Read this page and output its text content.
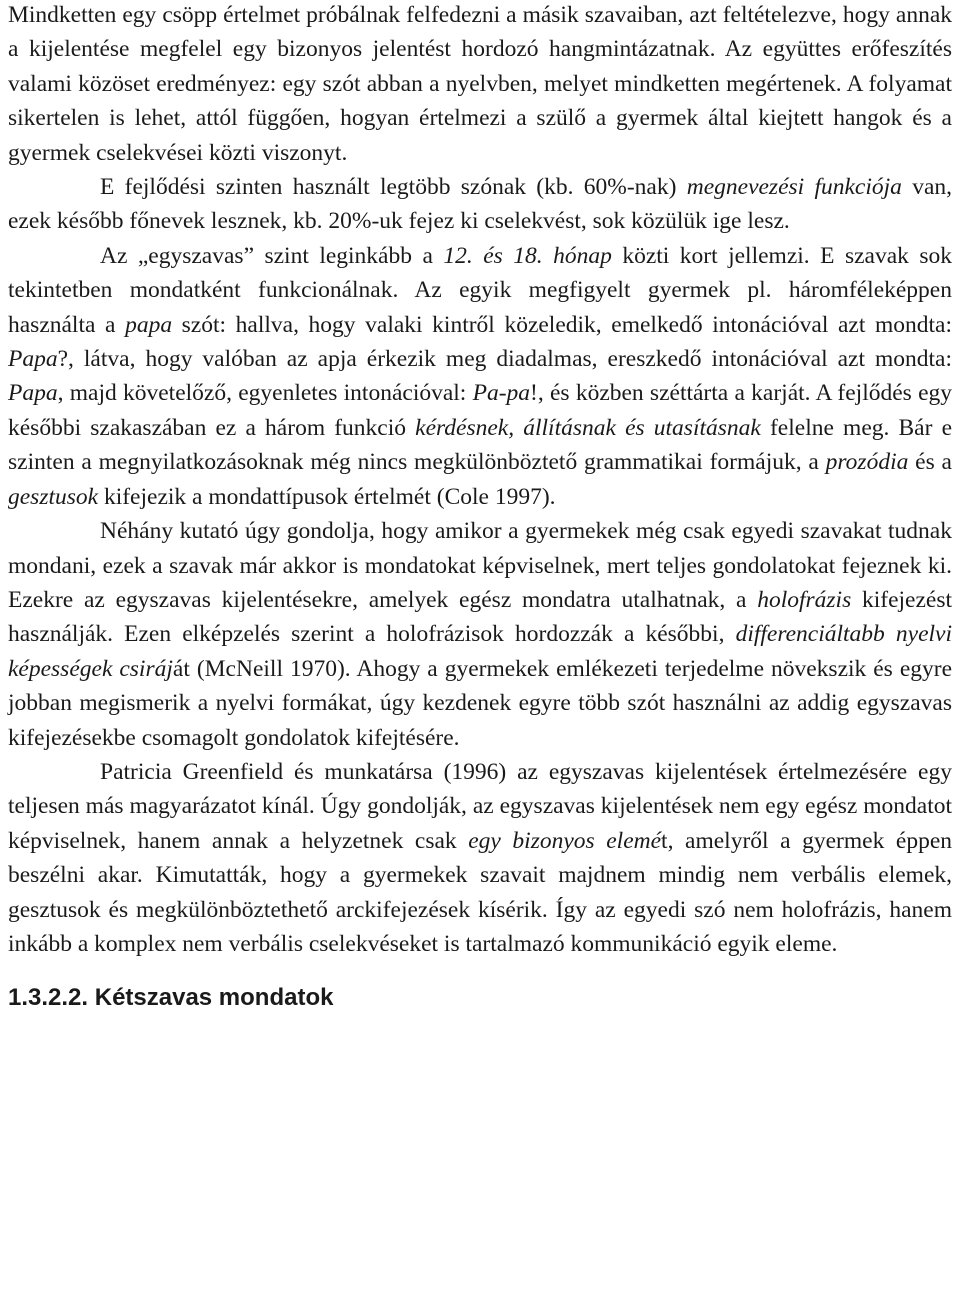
Mindketten egy csöpp értelmet próbálnak felfedezni a másik szavaiban, azt feltételezve, hogy annak a kijelentése megfelel egy bizonyos jelentést hordozó hangmintázatnak. Az együttes erőfeszítés valami közöset eredményez: egy szót abban a nyelvben, melyet mindketten megértenek. A folyamat sikertelen is lehet, attól függően, hogyan értelmezi a szülő a gyermek által kiejtett hangok és a gyermek cselekvései közti viszonyt.

E fejlődési szinten használt legtöbb szónak (kb. 60%-nak) megnevezési funkciója van, ezek később főnevek lesznek, kb. 20%-uk fejez ki cselekvést, sok közülük ige lesz.

Az „egyszavas” szint leginkább a 12. és 18. hónap közti kort jellemzi. E szavak sok tekintetben mondatként funkcionálnak. Az egyik megfigyelt gyermek pl. háromféleképpen használta a papa szót: hallva, hogy valaki kintről közeledik, emelkedő intonációval azt mondta: Papa?, látva, hogy valóban az apja érkezik meg diadalmas, ereszkedő intonációval azt mondta: Papa, majd követelőző, egyenletes intonációval: Pa-pa!, és közben széttárta a karját. A fejlődés egy későbbi szakaszában ez a három funkció kérdésnek, állításnak és utasításnak felelne meg. Bár e szinten a megnyilatkozásoknak még nincs megkülönböztető grammatikai formájuk, a prozódia és a gesztusok kifejezik a mondattípusok értelmét (Cole 1997).

Néhány kutató úgy gondolja, hogy amikor a gyermekek még csak egyedi szavakat tudnak mondani, ezek a szavak már akkor is mondatokat képviselnek, mert teljes gondolatokat fejeznek ki. Ezekre az egyszavas kijelentésekre, amelyek egész mondatra utalhatnak, a holofrázis kifejezést használják. Ezen elképzelés szerint a holofrázisok hordozzák a későbbi, differenciáltabb nyelvi képességek csiráját (McNeill 1970). Ahogy a gyermekek emlékezeti terjedelme növekszik és egyre jobban megismerik a nyelvi formákat, úgy kezdenek egyre több szót használni az addig egyszavas kifejezésekbe csomagolt gondolatok kifejtésére.

Patricia Greenfield és munkatársa (1996) az egyszavas kijelentések értelmezésére egy teljesen más magyarázatot kínál. Úgy gondolják, az egyszavas kijelentések nem egy egész mondatot képviselnek, hanem annak a helyzetnek csak egy bizonyos elemét, amelyről a gyermek éppen beszélni akar. Kimutatták, hogy a gyermekek szavait majdnem mindig nem verbális elemek, gesztusok és megkülönböztethető arckifejezések kísérik. Így az egyedi szó nem holofrázis, hanem inkább a komplex nem verbális cselekvéseket is tartalmazó kommunikáció egyik eleme.

1.3.2.2. Kétszavas mondatok
